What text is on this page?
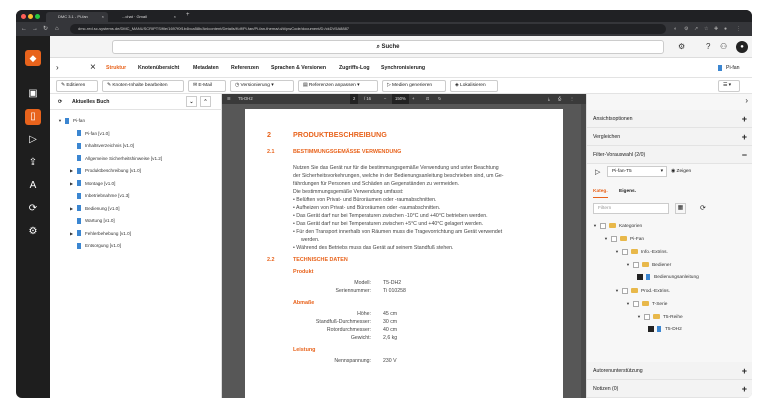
DMC 3.1 - Pi-fan	×	...chat · Gmail	× +
← → ↻ ⌂	dmc-red.sc-systems.de/DMC_MANUSCRIPTS/file/1697f0f1b4bca58b/Anlcontent/Details/Kdf/Pi-fan/Pi-fan-thema/ui/#/pwCode/document/D:/ckDV5A8887	◐ ⚙ ↗ ☆ ✚ ● ⋮
◆
▣
▯
▷
⇪
A
⟳
⚙
⌕ Suche	⚙	? ⚇	●
›	× Struktur Knotenübersicht	Metadaten Referenzen Sprachen & Versionen Zugriffs-Log Synchronisierung	Pi-fan
✎ Editieren	✎ Knoten-Inhalte bearbeiten	✉ E-Mail	◷ Versionierung ▾	▤ Referenzen anpassen ▾	▷ Medien generieren	◈ Lokalisieren	☰ ▾
⟳ Aktuelles Buch	⌃
⌄
▼ Pi-fan
Pi-fan [v1.0]
Inhaltsverzeichnis [v1.0]
Allgemeine Sicherheitshinweise [v1.2]
▶	Produktbeschreibung [v1.0]
▶	Montage [v1.0]
Inbetriebnahme [v1.3]
▶	Bedienung [v1.0]
Wartung [v1.0]
▶	Fehlerbehebung [v1.0]
Entsorgung [v1.0]
☰ T5-DH2	2	/ 16	−	150%	+	⊡ ↻	⤓ ⎙ ⋮
2	PRODUKTBESCHREIBUNG
2.1	BESTIMMUNGSGEMÄSSE VERWENDUNG
Nutzen Sie das Gerät nur für die bestimmungsgemäße Verwendung und unter Beachtung
der Sicherheitsvorkehrungen, welche in der Bedienungsanleitung beschrieben sind, um Ge-
fährdungen für Personen und Schäden an Gegenständen zu vermeiden.
Die bestimmungsgemäße Verwendung umfasst:
• Belüften von Privat- und Büroräumen oder -raumabschnitten.
• Aufheizen von Privat- und Büroräumen oder -raumabschnitten.
• Das Gerät darf nur bei Temperaturen zwischen -10°C und +40°C betrieben werden.
• Das Gerät darf nur bei Temperaturen zwischen +5°C und +40°C gelagert werden.
• Für den Transport innerhalb von Räumen muss die Tragevorrichtung am Gerät verwendet
werden.
• Während des Betriebs muss das Gerät auf seinem Standfuß stehen.
2.2	TECHNISCHE DATEN
Produkt
Modell: T5-DH2
Seriennummer: Ti 010258
Abmaße
Höhe: 45 cm
Standfuß-Durchmesser: 30 cm
Rotordurchmesser: 40 cm
Gewicht: 2,6 kg
Leistung
Nennspannung: 230 V
›
Ansichtsoptionen	+
Vergleichen	+
Filter-Vorauswahl (2/0)	−
▷	Pi-fan-T5	▾ ◉ Zeigen
Kateg. Eigens.
Filtern	▦	⟳
▼	Kategorien
▼	Pi-Fan
▼	Info.-Extrins.
▼	Bediener
Bedienungsanleitung
▼	Prod.-Extrins.
▼	T-Serie
▼	T5-Reihe
T5-DH2
Autorenunterstützung	+
Notizen (0)	+
